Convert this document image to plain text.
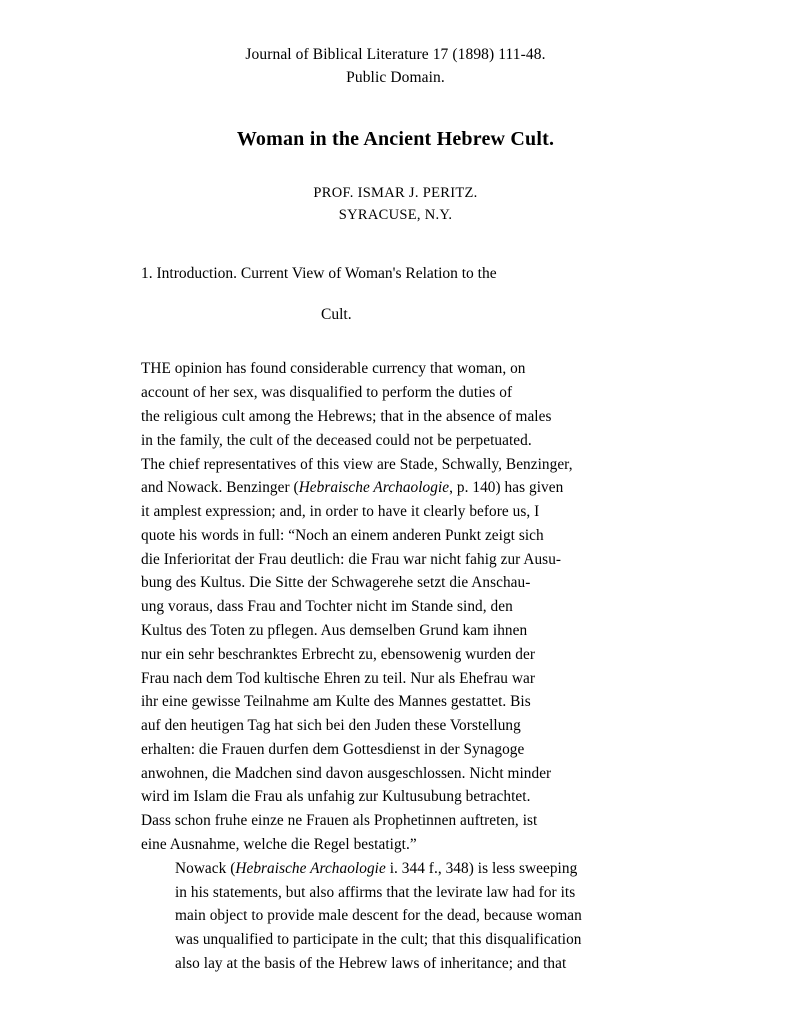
Journal of Biblical Literature 17 (1898) 111-48.
Public Domain.
Woman in the Ancient Hebrew Cult.
PROF. ISMAR J. PERITZ.
SYRACUSE, N.Y.
1. Introduction. Current View of Woman's Relation to the
Cult.

THE opinion has found considerable currency that woman, on
account of her sex, was disqualified to perform the duties of
the religious cult among the Hebrews; that in the absence of males
in the family, the cult of the deceased could not be perpetuated.
The chief representatives of this view are Stade, Schwally, Benzinger,
and Nowack. Benzinger (Hebraische Archaologie, p. 140) has given
it amplest expression; and, in order to have it clearly before us, I
quote his words in full: “Noch an einem anderen Punkt zeigt sich
die Inferioritat der Frau deutlich: die Frau war nicht fahig zur Ausu-
bung des Kultus. Die Sitte der Schwagerehe setzt die Anschau-
ung voraus, dass Frau and Tochter nicht im Stande sind, den
Kultus des Toten zu pflegen. Aus demselben Grund kam ihnen
nur ein sehr beschranktes Erbrecht zu, ebensowenig wurden der
Frau nach dem Tod kultische Ehren zu teil. Nur als Ehefrau war
ihr eine gewisse Teilnahme am Kulte des Mannes gestattet. Bis
auf den heutigen Tag hat sich bei den Juden these Vorstellung
erhalten: die Frauen durfen dem Gottesdienst in der Synagoge
anwohnen, die Madchen sind davon ausgeschlossen. Nicht minder
wird im Islam die Frau als unfahig zur Kultusubung betrachtet.
Dass schon fruhe einze ne Frauen als Prophetinnen auftreten, ist
eine Ausnahme, welche die Regel bestatigt.”

Nowack (Hebraische Archaologie i. 344 f., 348) is less sweeping
in his statements, but also affirms that the levirate law had for its
main object to provide male descent for the dead, because woman
was unqualified to participate in the cult; that this disqualification
also lay at the basis of the Hebrew laws of inheritance; and that
